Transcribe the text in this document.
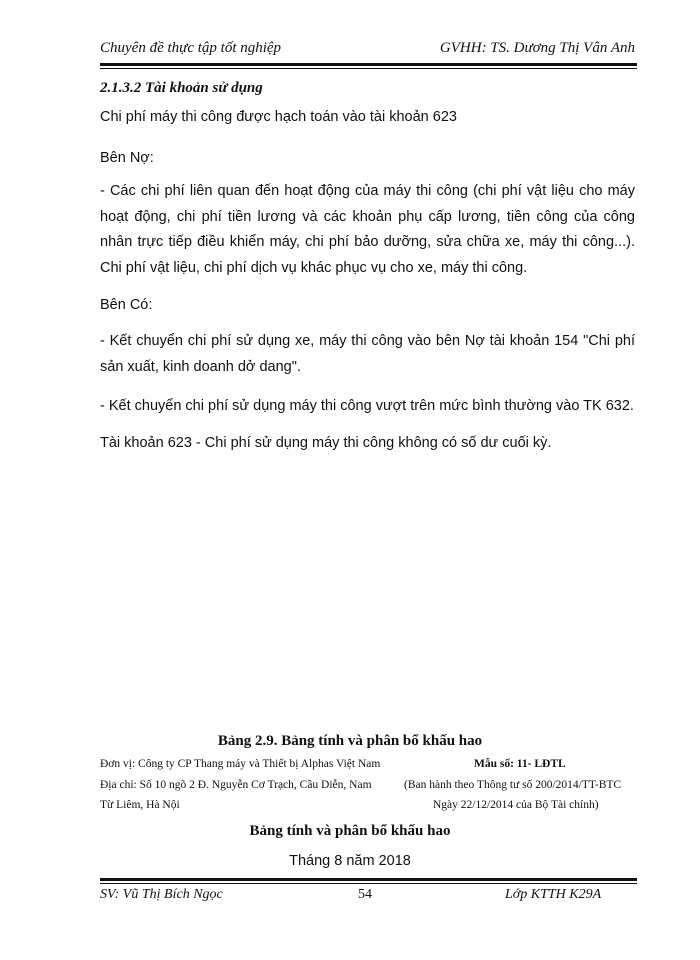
Chuyên đề thực tập tốt nghiệp	GVHH: TS. Dương Thị Vân Anh
2.1.3.2 Tài khoản sử dụng
Chi phí máy thi công được hạch toán vào tài khoản 623
Bên Nợ:
- Các chi phí liên quan đến hoạt động của máy thi công (chi phí vật liệu cho máy hoạt động, chi phí tiền lương và các khoản phụ cấp lương, tiền công của công nhân trực tiếp điều khiển máy, chi phí bảo dưỡng, sửa chữa xe, máy thi công...). Chi phí vật liệu, chi phí dịch vụ khác phục vụ cho xe, máy thi công.
Bên Có:
- Kết chuyển chi phí sử dụng xe, máy thi công vào bên Nợ tài khoản 154 "Chi phí sản xuất, kinh doanh dở dang".
- Kết chuyển chi phí sử dụng máy thi công vượt trên mức bình thường vào TK 632.
Tài khoản 623 - Chi phí sử dụng máy thi công không có số dư cuối kỳ.
Bảng 2.9. Bảng tính và phân bổ khấu hao
Đơn vị: Công ty CP Thang máy và Thiết bị Alphas Việt Nam
Địa chỉ: Số 10 ngõ 2 Đ. Nguyễn Cơ Trạch, Cầu Diễn, Nam
Từ Liêm, Hà Nội
Mẫu số: 11- LĐTL
(Ban hành theo Thông tư số 200/2014/TT-BTC
Ngày 22/12/2014 của Bộ Tài chính)
Bảng tính và phân bổ khấu hao
Tháng 8 năm 2018
SV: Vũ Thị Bích Ngọc	54	Lớp KTTH K29A
